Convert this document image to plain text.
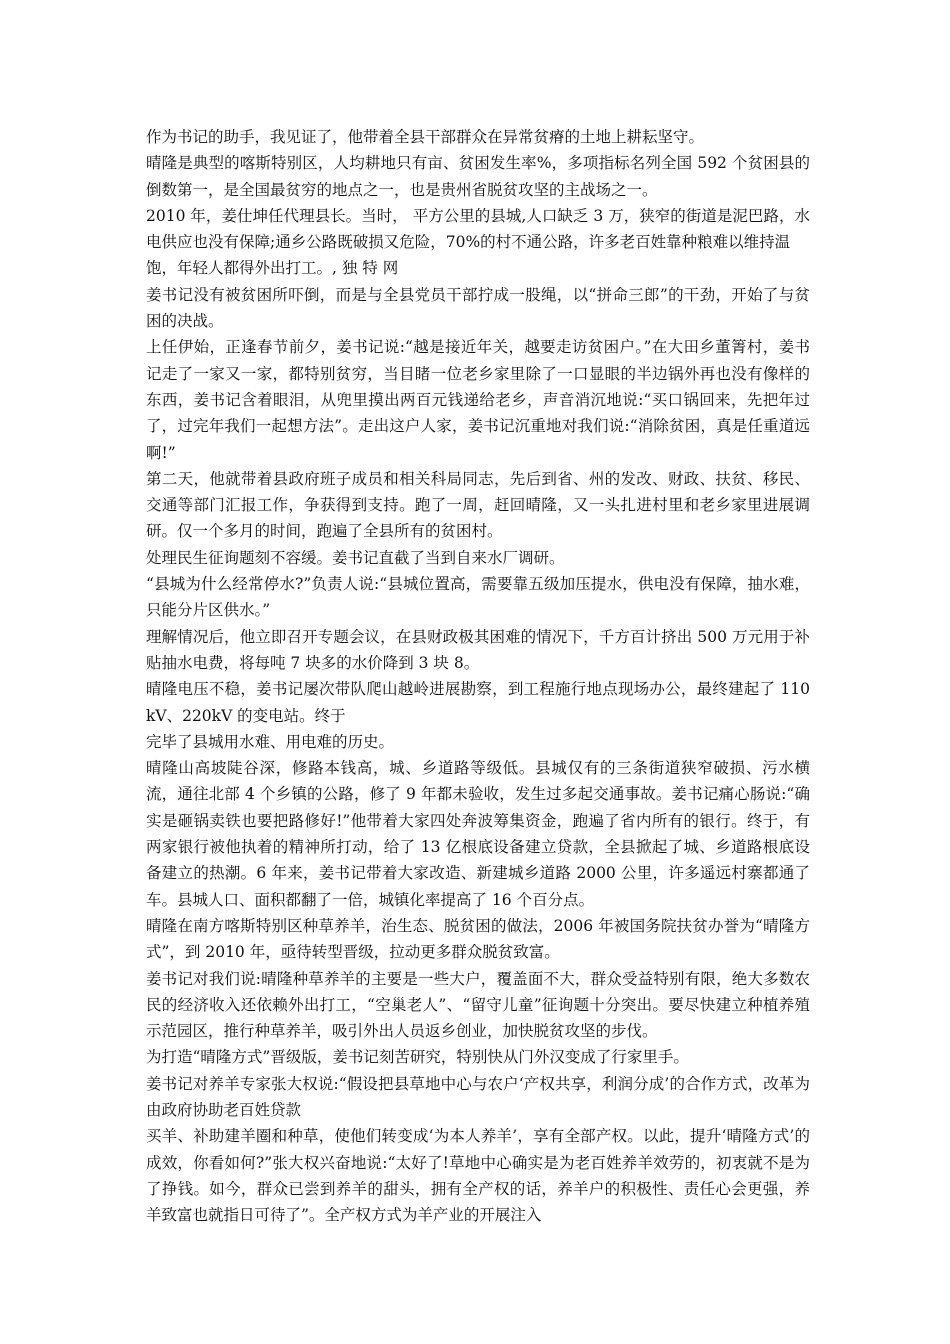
作为书记的助手，我见证了，他带着全县干部群众在异常贫瘠的土地上耕耘坚守。

晴隆是典型的喀斯特别区，人均耕地只有亩、贫困发生率%，多项指标名列全国 592 个贫困县的倒数第一，是全国最贫穷的地点之一，也是贵州省脱贫攻坚的主战场之一。

2010 年，姜仕坤任代理县长。当时， 平方公里的县城,人口缺乏 3 万，狭窄的街道是泥巴路，水电供应也没有保障;通乡公路既破损又危险，70%的村不通公路，许多老百姓靠种粮难以维持温

饱，年轻人都得外出打工。, 独 特 网

姜书记没有被贫困所吓倒，而是与全县党员干部拧成一股绳，以“拼命三郎”的干劲，开始了与贫困的决战。

上任伊始，正逢春节前夕，姜书记说:“越是接近年关，越要走访贫困户。”在大田乡董箐村，姜书记走了一家又一家，都特别贫穷，当目睹一位老乡家里除了一口显眼的半边锅外再也没有像样的东西，姜书记含着眼泪，从兜里摸出两百元钱递给老乡，声音消沉地说:“买口锅回来，先把年过了，过完年我们一起想方法”。走出这户人家，姜书记沉重地对我们说:“消除贫困，真是任重道远啊!”

第二天，他就带着县政府班子成员和相关科局同志，先后到省、州的发改、财政、扶贫、移民、交通等部门汇报工作，争获得到支持。跑了一周，赶回晴隆，又一头扎进村里和老乡家里进展调研。仅一个多月的时间，跑遍了全县所有的贫困村。

处理民生征询题刻不容缓。姜书记直截了当到自来水厂调研。

“县城为什么经常停水?”负责人说:“县城位置高，需要靠五级加压提水，供电没有保障，抽水难，只能分片区供水。”

理解情况后，他立即召开专题会议，在县财政极其困难的情况下，千方百计挤出 500 万元用于补贴抽水电费，将每吨 7 块多的水价降到 3 块 8。

晴隆电压不稳，姜书记屡次带队爬山越岭进展勘察，到工程施行地点现场办公，最终建起了 110 kV、220kV 的变电站。终于

完毕了县城用水难、用电难的历史。

晴隆山高坡陡谷深，修路本钱高，城、乡道路等级低。县城仅有的三条街道狭窄破损、污水横流，通往北部 4 个乡镇的公路，修了 9 年都未验收，发生过多起交通事故。姜书记痛心肠说:“确实是砸锅卖铁也要把路修好!”他带着大家四处奔波筹集资金，跑遍了省内所有的银行。终于，有两家银行被他执着的精神所打动，给了 13 亿根底设备建立贷款，全县掀起了城、乡道路根底设备建立的热潮。6 年来，姜书记带着大家改造、新建城乡道路 2000 公里，许多遥远村寨都通了车。县城人口、面积都翻了一倍，城镇化率提高了 16 个百分点。

晴隆在南方喀斯特别区种草养羊，治生态、脱贫困的做法，2006 年被国务院扶贫办誉为“晴隆方式”，到 2010 年，亟待转型晋级，拉动更多群众脱贫致富。

姜书记对我们说:晴隆种草养羊的主要是一些大户，覆盖面不大，群众受益特别有限，绝大多数农民的经济收入还依赖外出打工，“空巢老人”、“留守儿童”征询题十分突出。要尽快建立种植养殖示范园区，推行种草养羊，吸引外出人员返乡创业，加快脱贫攻坚的步伐。

为打造“晴隆方式”晋级版，姜书记刻苦研究，特别快从门外汉变成了行家里手。

姜书记对养羊专家张大权说:“假设把县草地中心与农户‘产权共享，利润分成’的合作方式，改革为由政府协助老百姓贷款

买羊、补助建羊圈和种草，使他们转变成‘为本人养羊’，享有全部产权。以此，提升‘晴隆方式’的成效，你看如何?”张大权兴奋地说:“太好了!草地中心确实是为老百姓养羊效劳的，初衷就不是为了挣钱。如今，群众已尝到养羊的甜头，拥有全产权的话，养羊户的积极性、责任心会更强，养羊致富也就指日可待了”。全产权方式为羊产业的开展注入
